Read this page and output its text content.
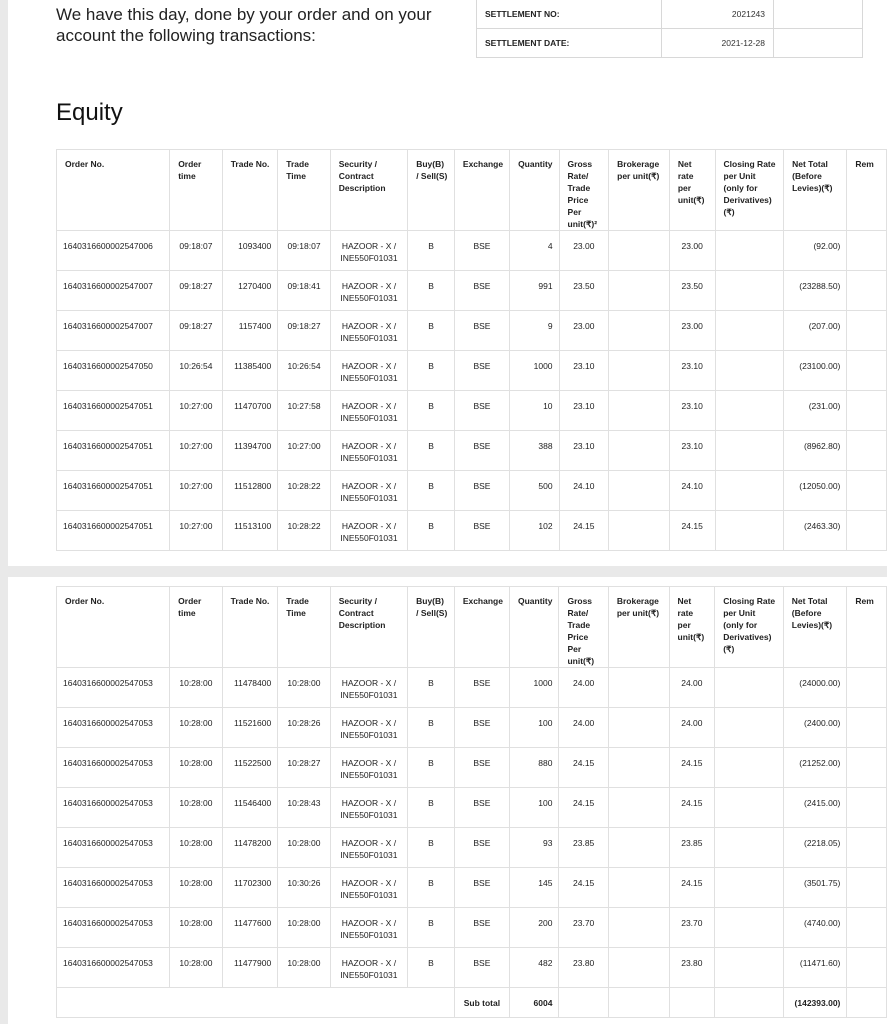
We have this day, done by your order and on your account the following transactions:
SETTLEMENT NO:	2021243	
SETTLEMENT DATE:	2021-12-28	
Equity
Order No.	Order time	Trade No.	Trade Time	Security / Contract Description	Buy(B) / Sell(S)	Exchange	Quantity	Gross Rate/ Trade Price Per unit(₹)²	Brokerage per unit(₹)	Net rate per unit(₹)	Closing Rate per Unit (only for Derivatives) (₹)	Net Total (Before Levies)(₹)	Rem
1640316600002547006	09:18:07	1093400	09:18:07	HAZOOR - X / INE550F01031	B	BSE	4	23.00		23.00		(92.00)	
1640316600002547007	09:18:27	1270400	09:18:41	HAZOOR - X / INE550F01031	B	BSE	991	23.50		23.50		(23288.50)	
1640316600002547007	09:18:27	1157400	09:18:27	HAZOOR - X / INE550F01031	B	BSE	9	23.00		23.00		(207.00)	
1640316600002547050	10:26:54	11385400	10:26:54	HAZOOR - X / INE550F01031	B	BSE	1000	23.10		23.10		(23100.00)	
1640316600002547051	10:27:00	11470700	10:27:58	HAZOOR - X / INE550F01031	B	BSE	10	23.10		23.10		(231.00)	
1640316600002547051	10:27:00	11394700	10:27:00	HAZOOR - X / INE550F01031	B	BSE	388	23.10		23.10		(8962.80)	
1640316600002547051	10:27:00	11512800	10:28:22	HAZOOR - X / INE550F01031	B	BSE	500	24.10		24.10		(12050.00)	
1640316600002547051	10:27:00	11513100	10:28:22	HAZOOR - X / INE550F01031	B	BSE	102	24.15		24.15		(2463.30)	
Order No.	Order time	Trade No.	Trade Time	Security / Contract Description	Buy(B) / Sell(S)	Exchange	Quantity	Gross Rate/ Trade Price Per unit(₹)	Brokerage per unit(₹)	Net rate per unit(₹)	Closing Rate per Unit (only for Derivatives) (₹)	Net Total (Before Levies)(₹)	Rem
1640316600002547053	10:28:00	11478400	10:28:00	HAZOOR - X / INE550F01031	B	BSE	1000	24.00		24.00		(24000.00)	
1640316600002547053	10:28:00	11521600	10:28:26	HAZOOR - X / INE550F01031	B	BSE	100	24.00		24.00		(2400.00)	
1640316600002547053	10:28:00	11522500	10:28:27	HAZOOR - X / INE550F01031	B	BSE	880	24.15		24.15		(21252.00)	
1640316600002547053	10:28:00	11546400	10:28:43	HAZOOR - X / INE550F01031	B	BSE	100	24.15		24.15		(2415.00)	
1640316600002547053	10:28:00	11478200	10:28:00	HAZOOR - X / INE550F01031	B	BSE	93	23.85		23.85		(2218.05)	
1640316600002547053	10:28:00	11702300	10:30:26	HAZOOR - X / INE550F01031	B	BSE	145	24.15		24.15		(3501.75)	
1640316600002547053	10:28:00	11477600	10:28:00	HAZOOR - X / INE550F01031	B	BSE	200	23.70		23.70		(4740.00)	
1640316600002547053	10:28:00	11477900	10:28:00	HAZOOR - X / INE550F01031	B	BSE	482	23.80		23.80		(11471.60)	
						Sub total	6004					(142393.00)	
